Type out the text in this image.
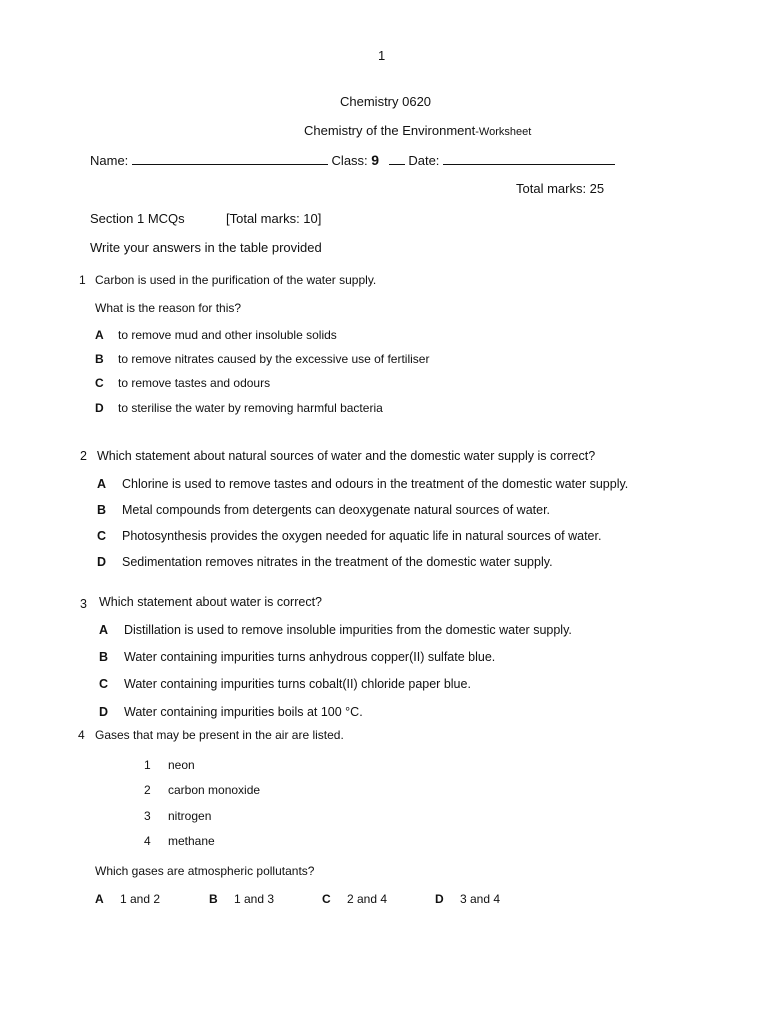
1
Chemistry 0620
Chemistry of the Environment-Worksheet
Name:	Class: 9 Date:
Total marks: 25
Section 1 MCQs	[Total marks: 10]
Write your answers in the table provided
1 Carbon is used in the purification of the water supply.
What is the reason for this?
A to remove mud and other insoluble solids
B to remove nitrates caused by the excessive use of fertiliser
C to remove tastes and odours
D to sterilise the water by removing harmful bacteria
2 Which statement about natural sources of water and the domestic water supply is correct?
A Chlorine is used to remove tastes and odours in the treatment of the domestic water supply.
B Metal compounds from detergents can deoxygenate natural sources of water.
C Photosynthesis provides the oxygen needed for aquatic life in natural sources of water.
D Sedimentation removes nitrates in the treatment of the domestic water supply.
3 Which statement about water is correct?
A Distillation is used to remove insoluble impurities from the domestic water supply.
B Water containing impurities turns anhydrous copper(II) sulfate blue.
C Water containing impurities turns cobalt(II) chloride paper blue.
D Water containing impurities boils at 100 °C.
4 Gases that may be present in the air are listed.
1 neon
2 carbon monoxide
3 nitrogen
4 methane
Which gases are atmospheric pollutants?
A 1 and 2	B 1 and 3	C 2 and 4	D 3 and 4
